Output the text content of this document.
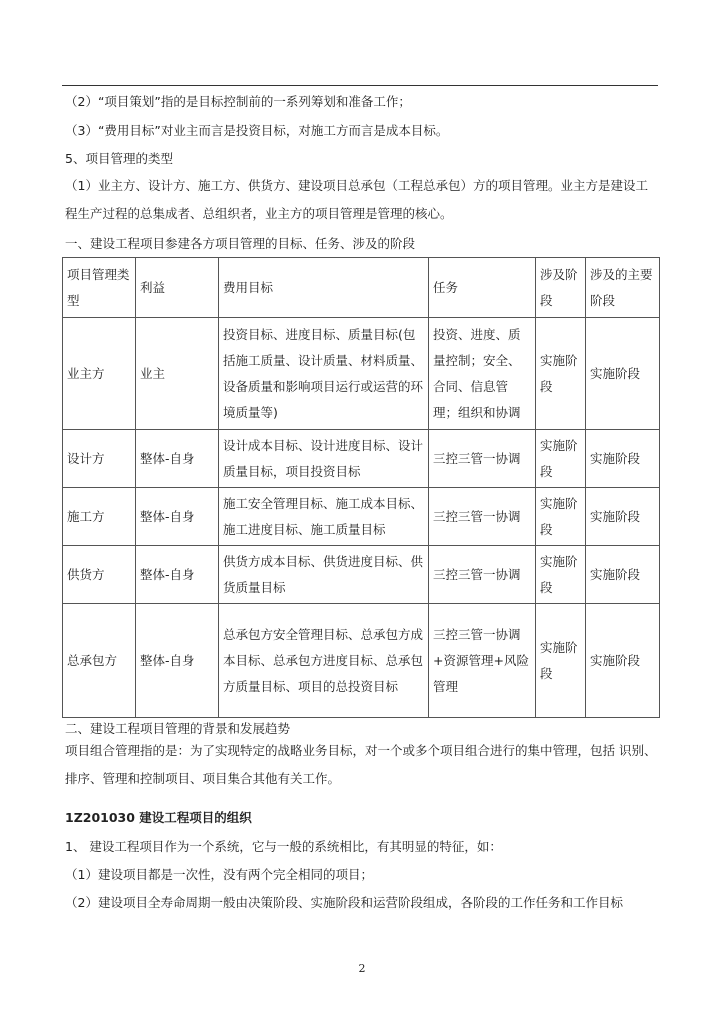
（2）“项目策划”指的是目标控制前的一系列筹划和准备工作；
（3）“费用目标”对业主而言是投资目标，对施工方而言是成本目标。
5、项目管理的类型
（1）业主方、设计方、施工方、供货方、建设项目总承包（工程总承包）方的项目管理。业主方是建设工程生产过程的总集成者、总组织者，业主方的项目管理是管理的核心。
一、建设工程项目参建各方项目管理的目标、任务、涉及的阶段
项目管理类型	利益	费用目标	任务	涉及阶段	涉及的主要阶段
业主方	业主	投资目标、进度目标、质量目标(包括施工质量、设计质量、材料质量、设备质量和影响项目运行或运营的环境质量等)	投资、进度、质量控制；安全、合同、信息管理；组织和协调	实施阶段	实施阶段
设计方	整体-自身	设计成本目标、设计进度目标、设计质量目标，项目投资目标	三控三管一协调	实施阶段	实施阶段
施工方	整体-自身	施工安全管理目标、施工成本目标、施工进度目标、施工质量目标	三控三管一协调	实施阶段	实施阶段
供货方	整体-自身	供货方成本目标、供货进度目标、供货质量目标	三控三管一协调	实施阶段	实施阶段
总承包方	整体-自身	总承包方安全管理目标、总承包方成本目标、总承包方进度目标、总承包方质量目标、项目的总投资目标	三控三管一协调+资源管理+风险管理	实施阶段	实施阶段
二、建设工程项目管理的背景和发展趋势
项目组合管理指的是：为了实现特定的战略业务目标，对一个或多个项目组合进行的集中管理，包括 识别、排序、管理和控制项目、项目集合其他有关工作。
1Z201030 建设工程项目的组织
1、 建设工程项目作为一个系统，它与一般的系统相比，有其明显的特征，如：
（1）建设项目都是一次性，没有两个完全相同的项目；
（2）建设项目全寿命周期一般由决策阶段、实施阶段和运营阶段组成，各阶段的工作任务和工作目标
2
